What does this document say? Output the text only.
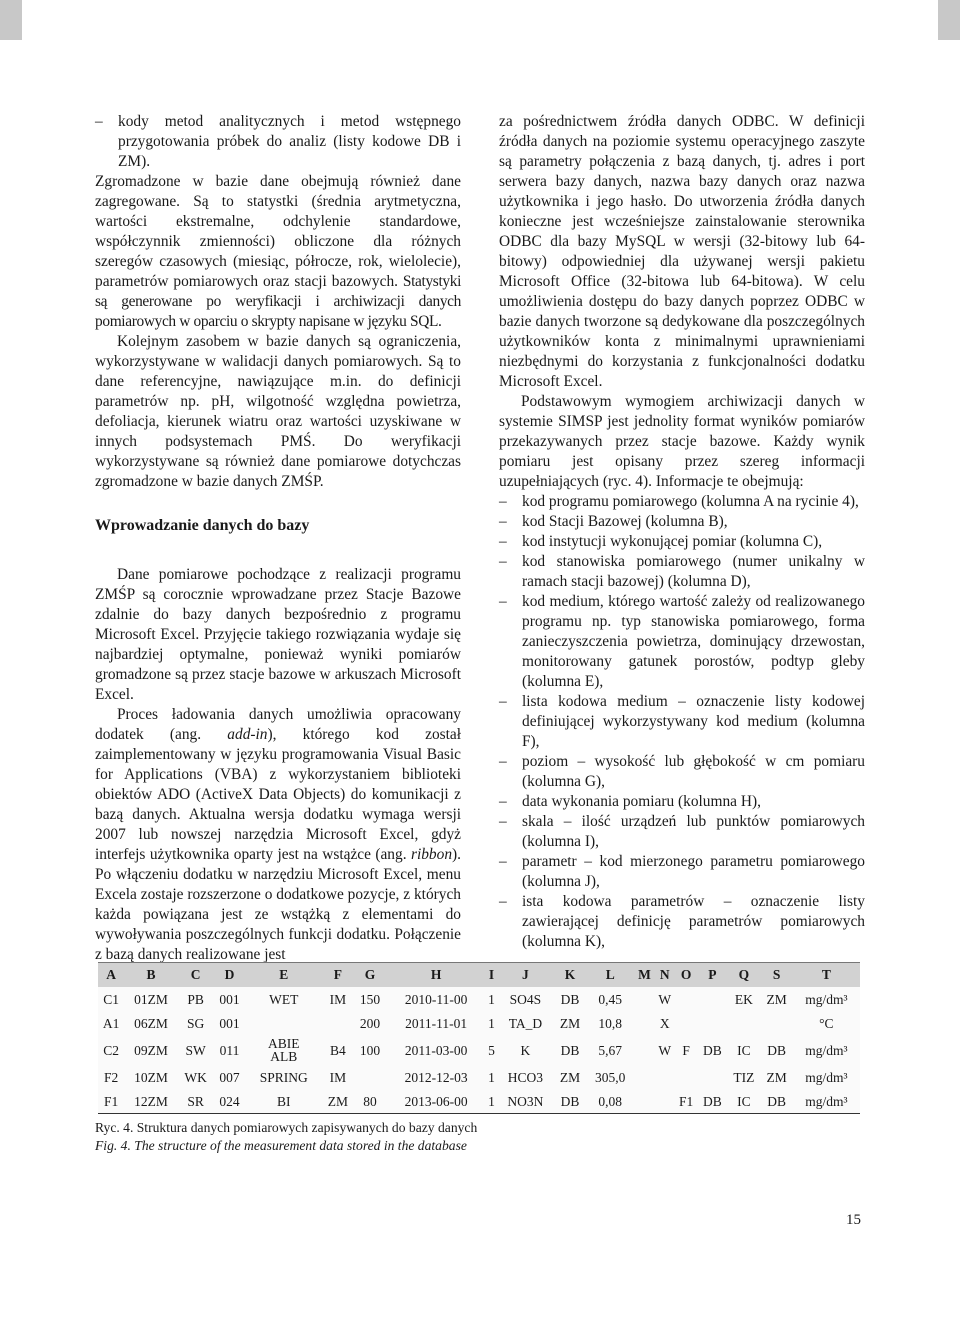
– kody metod analitycznych i metod wstępnego przygotowania próbek do analiz (listy kodowe DB i ZM).

Zgromadzone w bazie dane obejmują również dane zagregowane. Są to statystki (średnia arytmetyczna, wartości ekstremalne, odchylenie standardowe, współczynnik zmienności) obliczone dla różnych szeregów czasowych (miesiąc, półrocze, rok, wielolecie), parametrów pomiarowych oraz stacji bazowych. Statystyki są generowane po weryfikacji i archiwizacji danych pomiarowych w oparciu o skrypty napisane w języku SQL.

Kolejnym zasobem w bazie danych są ograniczenia, wykorzystywane w walidacji danych pomiarowych. Są to dane referencyjne, nawiązujące m.in. do definicji parametrów np. pH, wilgotność względna powietrza, defoliacja, kierunek wiatru oraz wartości uzyskiwane w innych podsystemach PMŚ. Do weryfikacji wykorzystywane są również dane pomiarowe dotychczas zgromadzone w bazie danych ZMŚP.

Wprowadzanie danych do bazy

Dane pomiarowe pochodzące z realizacji programu ZMŚP są corocznie wprowadzane przez Stacje Bazowe zdalnie do bazy danych bezpośrednio z programu Microsoft Excel. Przyjęcie takiego rozwiązania wydaje się najbardziej optymalne, ponieważ wyniki pomiarów gromadzone są przez stacje bazowe w arkuszach Microsoft Excel.

Proces ładowania danych umożliwia opracowany dodatek (ang. add-in), którego kod został zaimplementowany w języku programowania Visual Basic for Applications (VBA) z wykorzystaniem biblioteki obiektów ADO (ActiveX Data Objects) do komunikacji z bazą danych. Aktualna wersja dodatku wymaga wersji 2007 lub nowszej narzędzia Microsoft Excel, gdyż interfejs użytkownika oparty jest na wstążce (ang. ribbon). Po włączeniu dodatku w narzędziu Microsoft Excel, menu Excela zostaje rozszerzone o dodatkowe pozycje, z których każda powiązana jest ze wstążką z elementami do wywoływania poszczególnych funkcji dodatku. Połączenie z bazą danych realizowane jest

za pośrednictwem źródła danych ODBC. W definicji źródła danych na poziomie systemu operacyjnego zaszyte są parametry połączenia z bazą danych, tj. adres i port serwera bazy danych, nazwa bazy danych oraz nazwa użytkownika i jego hasło. Do utworzenia źródła danych konieczne jest wcześniejsze zainstalowanie sterownika ODBC dla bazy MySQL w wersji (32-bitowy lub 64-bitowy) odpowiedniej dla używanej wersji pakietu Microsoft Office (32-bitowa lub 64-bitowa). W celu umożliwienia dostępu do bazy danych poprzez ODBC w bazie danych tworzone są dedykowane dla poszczególnych użytkowników konta z minimalnymi uprawnieniami niezbędnymi do korzystania z funkcjonalności dodatku Microsoft Excel.

Podstawowym wymogiem archiwizacji danych w systemie SIMSP jest jednolity format wyników pomiarów przekazywanych przez stacje bazowe. Każdy wynik pomiaru jest opisany przez szereg informacji uzupełniających (ryc. 4). Informacje te obejmują:

– kod programu pomiarowego (kolumna A na rycinie 4),
– kod Stacji Bazowej (kolumna B),
– kod instytucji wykonującej pomiar (kolumna C),
– kod stanowiska pomiarowego (numer unikalny w ramach stacji bazowej) (kolumna D),
– kod medium, którego wartość zależy od realizowanego programu np. typ stanowiska pomiarowego, forma zanieczyszczenia powietrza, dominujący drzewostan, monitorowany gatunek porostów, podtyp gleby (kolumna E),
– lista kodowa medium – oznaczenie listy kodowej definiującej wykorzystywany kod medium (kolumna F),
– poziom – wysokość lub głębokość w cm pomiaru (kolumna G),
– data wykonania pomiaru (kolumna H),
– skala – ilość urządzeń lub punktów pomiarowych (kolumna I),
– parametr – kod mierzonego parametru pomiarowego (kolumna J),
– ista kodowa parametrów – oznaczenie listy zawierającej definicję parametrów pomiarowych (kolumna K),
A	B	C	D	E	F	G	H	I	J	K	L	M	N	O	P	Q	S	T
C1	01ZM	PB	001	WET	IM	150	2010-11-00	1	SO4S	DB	0,45		W			EK	ZM	mg/dm³
A1	06ZM	SG	001			200	2011-11-01	1	TA_D	ZM	10,8		X					°C
C2	09ZM	SW	011	ABIE
ALB	B4	100	2011-03-00	5	K	DB	5,67		W	F	DB	IC	DB	mg/dm³
F2	10ZM	WK	007	SPRING	IM		2012-12-03	1	HCO3	ZM	305,0					TIZ	ZM	mg/dm³
F1	12ZM	SR	024	BI	ZM	80	2013-06-00	1	NO3N	DB	0,08			F1	DB	IC	DB	mg/dm³
Ryc. 4. Struktura danych pomiarowych zapisywanych do bazy danych
Fig. 4. The structure of the measurement data stored in the database
15
